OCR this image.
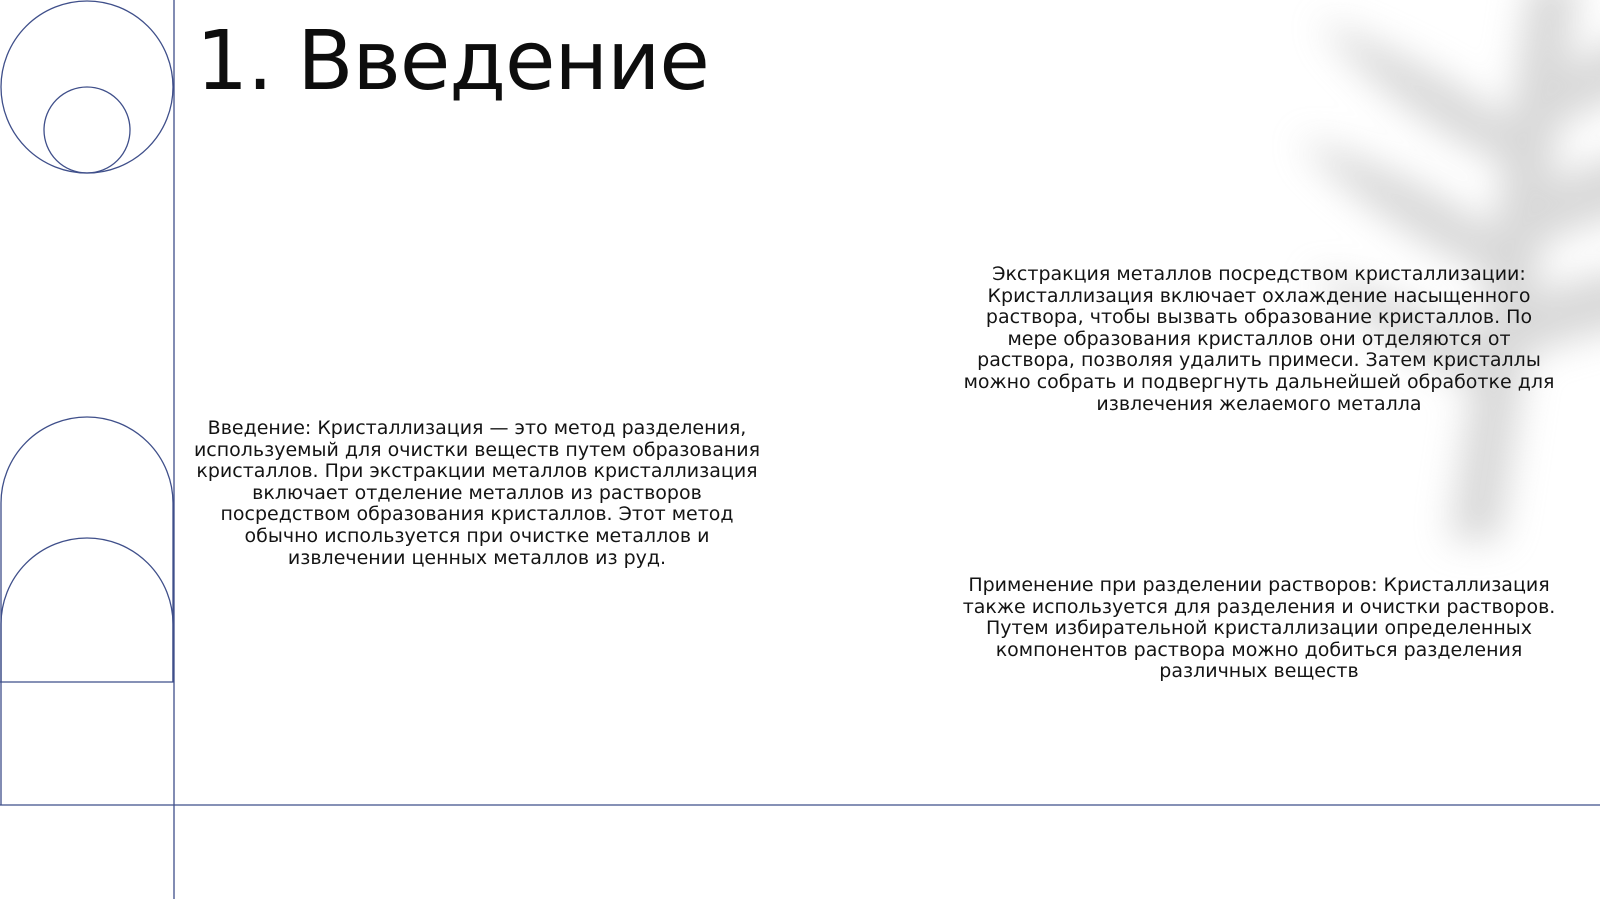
1. Введение

Введение: Кристаллизация — это метод разделения, используемый для очистки веществ путем образования кристаллов. При экстракции металлов кристаллизация включает отделение металлов из растворов посредством образования кристаллов. Этот метод обычно используется при очистке металлов и извлечении ценных металлов из руд.

Экстракция металлов посредством кристаллизации: Кристаллизация включает охлаждение насыщенного раствора, чтобы вызвать образование кристаллов. По мере образования кристаллов они отделяются от раствора, позволяя удалить примеси. Затем кристаллы можно собрать и подвергнуть дальнейшей обработке для извлечения желаемого металла

Применение при разделении растворов: Кристаллизация также используется для разделения и очистки растворов. Путем избирательной кристаллизации определенных компонентов раствора можно добиться разделения различных веществ
